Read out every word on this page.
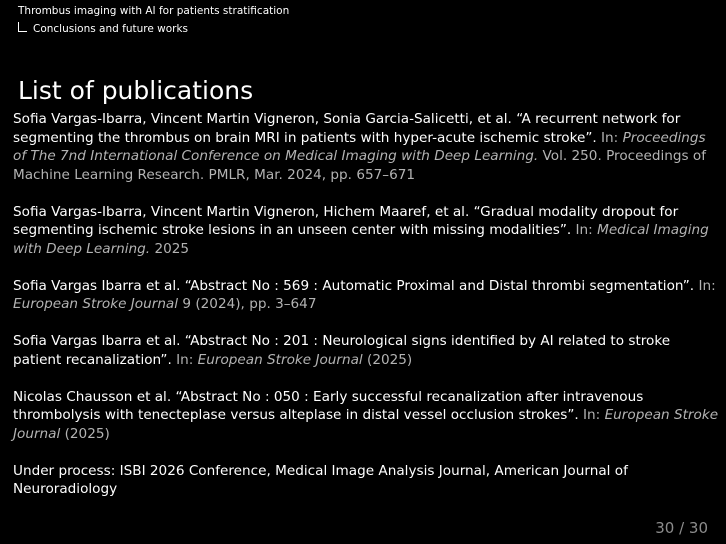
Thrombus imaging with AI for patients stratification
Conclusions and future works
List of publications

Sofia Vargas-Ibarra, Vincent Martin Vigneron, Sonia Garcia-Salicetti, et al. “A recurrent network for segmenting the thrombus on brain MRI in patients with hyper-acute ischemic stroke”. In: Proceedings of The 7nd International Conference on Medical Imaging with Deep Learning. Vol. 250. Proceedings of Machine Learning Research. PMLR, Mar. 2024, pp. 657–671

Sofia Vargas-Ibarra, Vincent Martin Vigneron, Hichem Maaref, et al. “Gradual modality dropout for segmenting ischemic stroke lesions in an unseen center with missing modalities”. In: Medical Imaging with Deep Learning. 2025

Sofia Vargas Ibarra et al. “Abstract No : 569 : Automatic Proximal and Distal thrombi segmentation”. In: European Stroke Journal 9 (2024), pp. 3–647

Sofia Vargas Ibarra et al. “Abstract No : 201 : Neurological signs identified by AI related to stroke patient recanalization”. In: European Stroke Journal (2025)

Nicolas Chausson et al. “Abstract No : 050 : Early successful recanalization after intravenous thrombolysis with tenecteplase versus alteplase in distal vessel occlusion strokes”. In: European Stroke Journal (2025)

Under process: ISBI 2026 Conference, Medical Image Analysis Journal, American Journal of Neuroradiology

30 / 30
